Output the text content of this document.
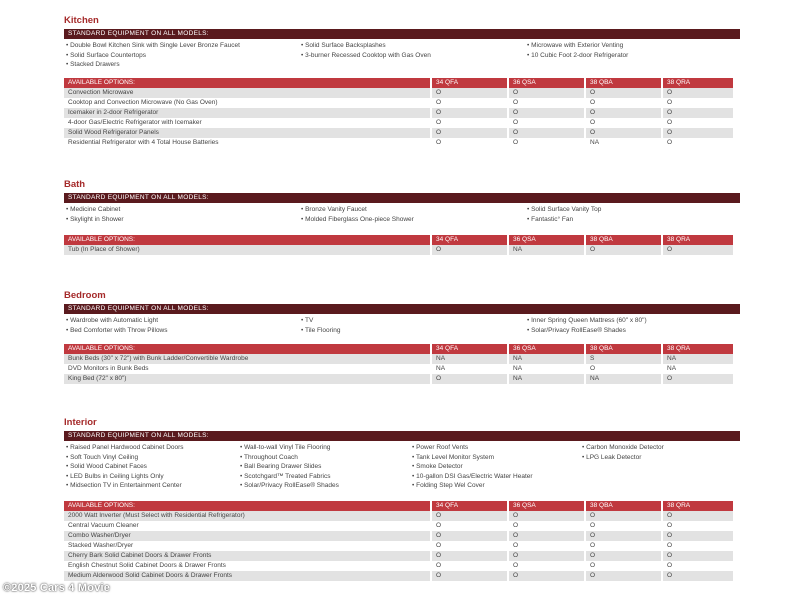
Kitchen
STANDARD EQUIPMENT ON ALL MODELS:
• Double Bowl Kitchen Sink with Single Lever Bronze Faucet
• Solid Surface Countertops
• Stacked Drawers
• Solid Surface Backsplashes
• 3-burner Recessed Cooktop with Gas Oven
• Microwave with Exterior Venting
• 10 Cubic Foot 2-door Refrigerator
AVAILABLE OPTIONS:	34 QFA	36 QSA	38 QBA	38 QRA
Convection Microwave	O	O	O	O
Cooktop and Convection Microwave (No Gas Oven)	O	O	O	O
Icemaker in 2-door Refrigerator	O	O	O	O
4-door Gas/Electric Refrigerator with Icemaker	O	O	O	O
Solid Wood Refrigerator Panels	O	O	O	O
Residential Refrigerator with 4 Total House Batteries	O	O	NA	O
Bath
STANDARD EQUIPMENT ON ALL MODELS:
• Medicine Cabinet
• Skylight in Shower
• Bronze Vanity Faucet
• Molded Fiberglass One-piece Shower
• Solid Surface Vanity Top
• Fantastic° Fan
AVAILABLE OPTIONS:	34 QFA	36 QSA	38 QBA	38 QRA
Tub (In Place of Shower)	O	NA	O	O
Bedroom
STANDARD EQUIPMENT ON ALL MODELS:
• Wardrobe with Automatic Light
• Bed Comforter with Throw Pillows
• TV
• Tile Flooring
• Inner Spring Queen Mattress (60" x 80")
• Solar/Privacy RollEase® Shades
AVAILABLE OPTIONS:	34 QFA	36 QSA	38 QBA	38 QRA
Bunk Beds (30" x 72") with Bunk Ladder/Convertible Wardrobe	NA	NA	S	NA
DVD Monitors in Bunk Beds	NA	NA	O	NA
King Bed (72" x 80")	O	NA	NA	O
Interior
STANDARD EQUIPMENT ON ALL MODELS:
• Raised Panel Hardwood Cabinet Doors
• Soft Touch Vinyl Ceiling
• Solid Wood Cabinet Faces
• LED Bulbs in Ceiling Lights Only
• Midsection TV in Entertainment Center
• Wall-to-wall Vinyl Tile Flooring
• Throughout Coach
• Ball Bearing Drawer Slides
• Scotchgard™ Treated Fabrics
• Solar/Privacy RollEase® Shades
• Power Roof Vents
• Tank Level Monitor System
• Smoke Detector
• 10-gallon DSI Gas/Electric Water Heater
• Folding Step Wel Cover
• Carbon Monoxide Detector
• LPG Leak Detector
AVAILABLE OPTIONS:	34 QFA	36 QSA	38 QBA	38 QRA
2000 Watt Inverter (Must Select with Residential Refrigerator)	O	O	O	O
Central Vacuum Cleaner	O	O	O	O
Combo Washer/Dryer	O	O	O	O
Stacked Washer/Dryer	O	O	O	O
Cherry Bark Solid Cabinet Doors & Drawer Fronts	O	O	O	O
English Chestnut Solid Cabinet Doors & Drawer Fronts	O	O	O	O
Medium Alderwood Solid Cabinet Doors & Drawer Fronts	O	O	O	O
©2025 Cars 4 Movie
